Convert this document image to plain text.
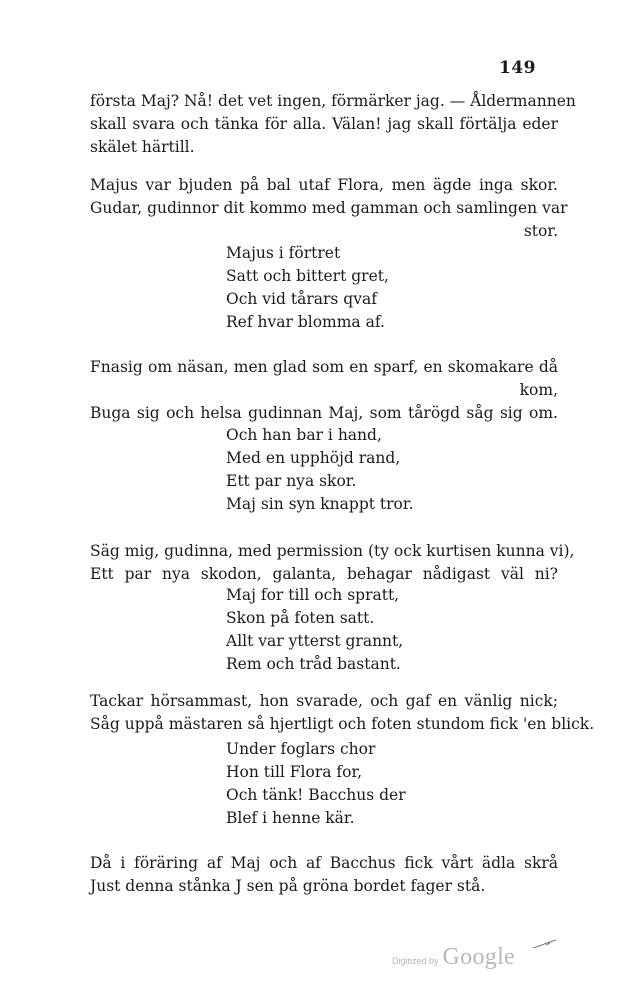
149
första Maj? Nå! det vet ingen, förmärker jag. — Åldermannen
skall svara och tänka för alla. Välan! jag skall förtälja eder
skälet härtill.
Majus var bjuden på bal utaf Flora, men ägde inga skor.
Gudar, gudinnor dit kommo med gamman och samlingen var
stor.
Majus i förtret
Satt och bittert gret,
Och vid tårars qvaf
Ref hvar blomma af.
Fnasig om näsan, men glad som en sparf, en skomakare då
kom,
Buga sig och helsa gudinnan Maj, som tårögd såg sig om.
Och han bar i hand,
Med en upphöjd rand,
Ett par nya skor.
Maj sin syn knappt tror.
Säg mig, gudinna, med permission (ty ock kurtisen kunna vi),
Ett par nya skodon, galanta, behagar nådigast väl ni?
Maj for till och spratt,
Skon på foten satt.
Allt var ytterst grannt,
Rem och tråd bastant.
Tackar hörsammast, hon svarade, och gaf en vänlig nick;
Såg uppå mästaren så hjertligt och foten stundom fick 'en blick.
Under foglars chor
Hon till Flora for,
Och tänk! Bacchus der
Blef i henne kär.
Då i föräring af Maj och af Bacchus fick vårt ädla skrå
Just denna stånka J sen på gröna bordet fager stå.
Digitized by Google
